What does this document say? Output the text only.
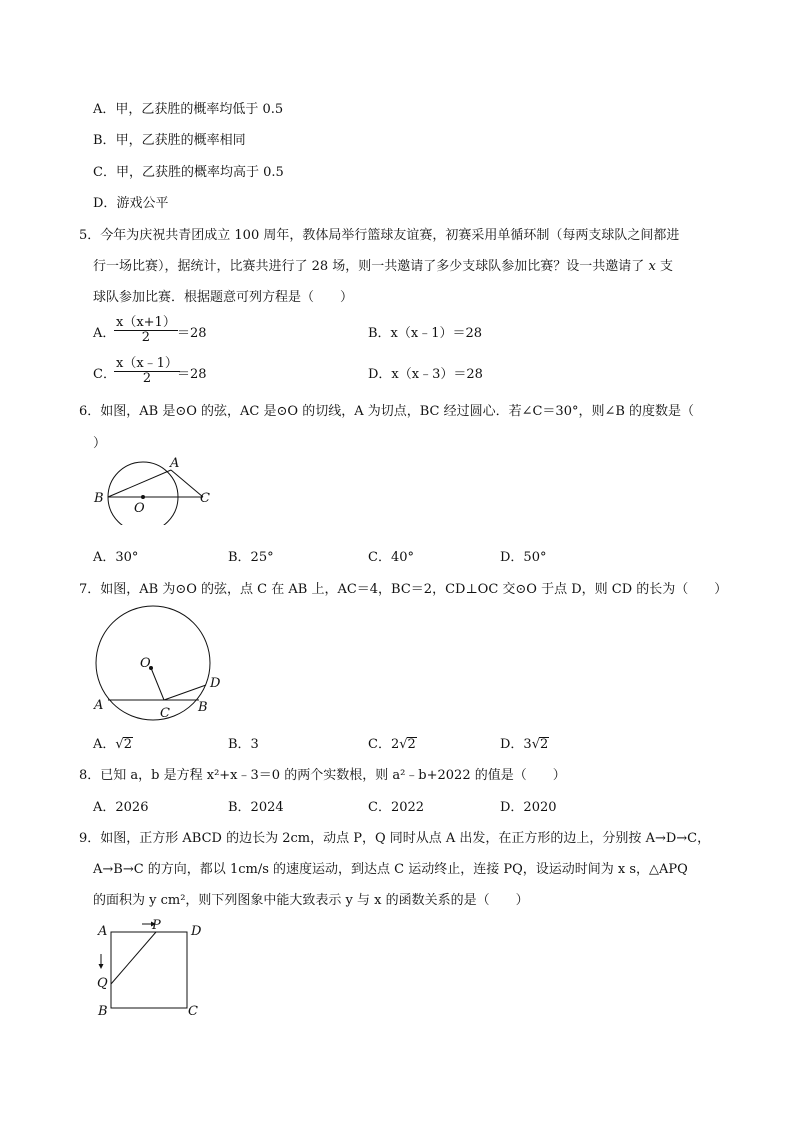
A．甲，乙获胜的概率均低于 0.5
B．甲，乙获胜的概率相同
C．甲，乙获胜的概率均高于 0.5
D．游戏公平
5．今年为庆祝共青团成立 100 周年，教体局举行篮球友谊赛，初赛采用单循环制（每两支球队之间都进
行一场比赛），据统计，比赛共进行了 28 场，则一共邀请了多少支球队参加比赛？设一共邀请了 x 支
球队参加比赛．根据题意可列方程是（　　）
A．
$\frac{x(x+1)}{2} =28$	B．x（x﹣1）＝28
C．
$\frac{x(x﹣1)}{2}$
＝28	D．x（x﹣3）＝28
6．如图，AB 是⊙O 的弦，AC 是⊙O 的切线，A 为切点，BC 经过圆心．若∠C＝30°，则∠B 的度数是（
）
A
B
O
C
A．30°	B．25°	C．40°	D．50°
7．如图，AB 为⊙O 的弦，点 C 在 AB 上，AC＝4，BC＝2，CD⊥OC 交⊙O 于点 D，则 CD 的长为（　　）
O
D
A
C B
A．√2	B．3	C．2√2	D．3√2
8．已知 a，b 是方程 x²+x﹣3＝0 的两个实数根，则 a²﹣b+2022 的值是（　　）
A．2026	B．2024	C．2022	D．2020
9．如图，正方形 ABCD 的边长为 2cm，动点 P，Q 同时从点 A 出发，在正方形的边上，分别按 A→D→C，
A→B→C 的方向，都以 1cm/s 的速度运动，到达点 C 运动终止，连接 PQ，设运动时间为 x s，△APQ
的面积为 y cm²，则下列图象中能大致表示 y 与 x 的函数关系的是（　　）
A	P D
Q
B	C
